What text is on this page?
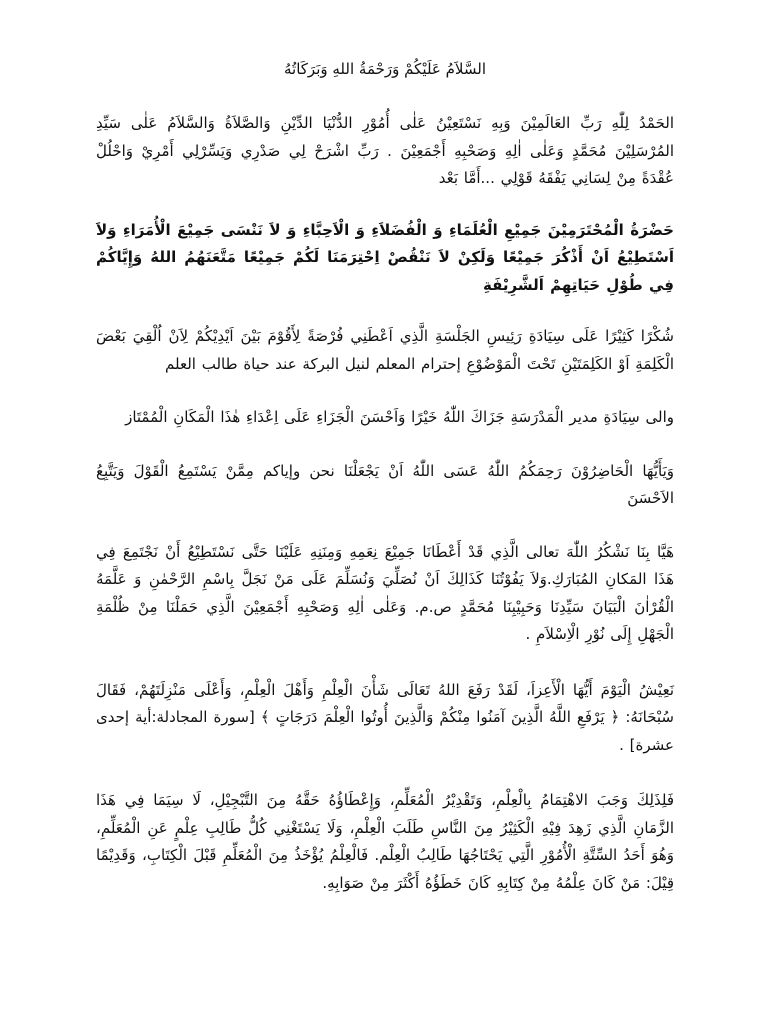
السَّلاَمُ عَلَيْكُمْ وَرَحْمَةُ اللهِ وَبَرَكَاتُهُ

الحَمْدُ لِلّٰهِ رَبِّ العَالَمِيْنَ وَبِهِ نَسْتَعِيْنُ عَلٰى أُمُوْرِ الدُّنْيَا الدِّيْنِ وَالصَّلاَةُ وَالسَّلاَمُ عَلٰى سَيِّدِ المُرْسَلِيْنَ مُحَمَّدٍ وَعَلٰى اٰلِهِ وَصَحْبِهِ أَجْمَعِيْنَ . رَبِّ اشْرَحْ لِي صَدْرِي وَيَسِّرْلِي أَمْرِيْ وَاحْلُلْ عُقْدَةً مِنْ لِسَانِي يَفْقَهُ قَوْلِي ...أَمَّا بَعْد

حَضْرَةُ الْمُحْتَرَمِيْنَ جَمِيْعِ الْعُلَمَاءِ وَ الْفُضَلاَءِ وَ الْاَحِبَّاءِ وَ لاَ نَنْسَى جَمِيْعَ الْأُمَرَاءِ وَلاَ اَسْتَطِيْعُ اَنْ أَذْكُرَ جَمِيْعًا وَلَكِنْ لاَ نَنْقُصْ اِحْتِرَمَنَا لَكُمْ جَمِيْعًا مَتَّعَنَهُمُ اللهُ وَإِيَّاكُمْ فِي طُوْلِ حَيَاتِهِمْ اَلشَّرِيْفَةِ

شُكْرًا كَثِيْرًا عَلَى سِيَادَةِ رَئِيسِ الجَلْسَةِ الَّذِي اَعْطَنِي فُرْصَةً لِأَقُوْمَ بَيْنَ اَيْدِيْكُمْ لِاَنْ اُلْقِيَ بَعْضَ الْكَلِمَةِ اَوْ الكَلِمَتَيْنِ تَحْتَ الْمَوْضُوْعِ إحترام المعلم لنيل البركة عند حياة طالب العلم

والى سِيَادَةِ مدير الْمَدْرَسَةِ جَزَاكَ اللّٰهُ خَيْرًا وَاَحْسَنَ الْجَزَاءِ عَلَى اِعْدَاءِ هٰذَا الْمَكَانِ الْمُمْتَاز

وَيَأَيُّهَا الْحَاضِرُوْنَ رَحِمَكُمُ اللّٰهُ عَسَى اللّٰهُ اَنْ يَجْعَلْنَا نحن وإياكم مِمَّنْ يَسْتَمِعُ الْقَوْلَ وَيَتَّبِعُ الاَحْسَنَ

هَيَّا بِنَا نَشْكُرُ اللّٰهَ تعالى الَّذِي قَدْ أَعْطَانَا جَمِيْعَ نِعَمِهِ وَمِنَنِهِ عَلَيْنَا حَتَّى نَسْتَطِيْعُ أَنْ نَجْتَمِعَ فِي هَذَا المَكانِ المُبَارَكِ.وَلاَ يَفُوْتُنَا كَذَالِكَ اَنْ نُصَلِّيَ وَنُسَلِّمَ عَلَى مَنْ نَجَلَّ بِاسْمِ الرَّحْمٰنِ وَ عَلَّمَهُ الْقُرْاٰنَ الْبَيَانَ سَيِّدِنَا وَحَبِيْبِنَا مُحَمَّدٍ ص.م. وَعَلٰى اٰلِهِ وَصَحْبِهِ أَجْمَعِيْنَ الَّذِي حَمَلْنَا مِنْ ظُلْمَةِ الْجَهْلِ إِلَى نُوْرِ الْاِسْلاَمِ .

نَعِيْشُ الْيَوْمَ أَيُّهَا الْأَعِزاَ، لَقَدْ رَفَعَ اللهُ تَعَالَى شَأْنَ الْعِلْمِ وَأَهْلَ الْعِلْمِ، وَأَعْلَى مَنْزِلَتَهُمْ، فَقَالَ سُبْحَانَهُ: ﴿ يَرْفَعِ اللَّهُ الَّذِينَ آمَنُوا مِنْكُمْ وَالَّذِينَ أُوتُوا الْعِلْمَ دَرَجَاتٍ ﴾ [سورة المجادلة:أية إحدى عشرة] .

فَلِذَلِكَ وَجَبَ الاهْتِمَامُ بِالْعِلْمِ، وَتَقْدِيْرُ الْمُعَلِّمِ، وَإِعْطَاؤُهُ حَقَّهُ مِنَ التَّبْجِيْلِ، لَا سِيَمَا فِي هَذَا الزَّمَانِ الَّذِي زَهِدَ فِيْهِ الْكَثِيْرُ مِنَ النَّاسِ طَلَبَ الْعِلْمِ، وَلَا يَسْتَغْنِي كُلُّ طَالِبِ عِلْمٍ عَنِ الْمُعَلِّمِ، وَهُوَ أَحَدُ السِّتَّةِ الْأُمُوْرِ الَّتِي يَحْتَاجُهَا طَالِبُ الْعِلْم. فَالْعِلْمُ يُؤْخَذُ مِنَ الْمُعَلِّمِ قَبْلَ الْكِتَابِ، وَقَدِيْمًا قِيْلَ: مَنْ كَانَ عِلْمُهُ مِنْ كِتَابِهِ كَانَ خَطَؤُهُ أَكْثَرَ مِنْ صَوَابِهِ.
